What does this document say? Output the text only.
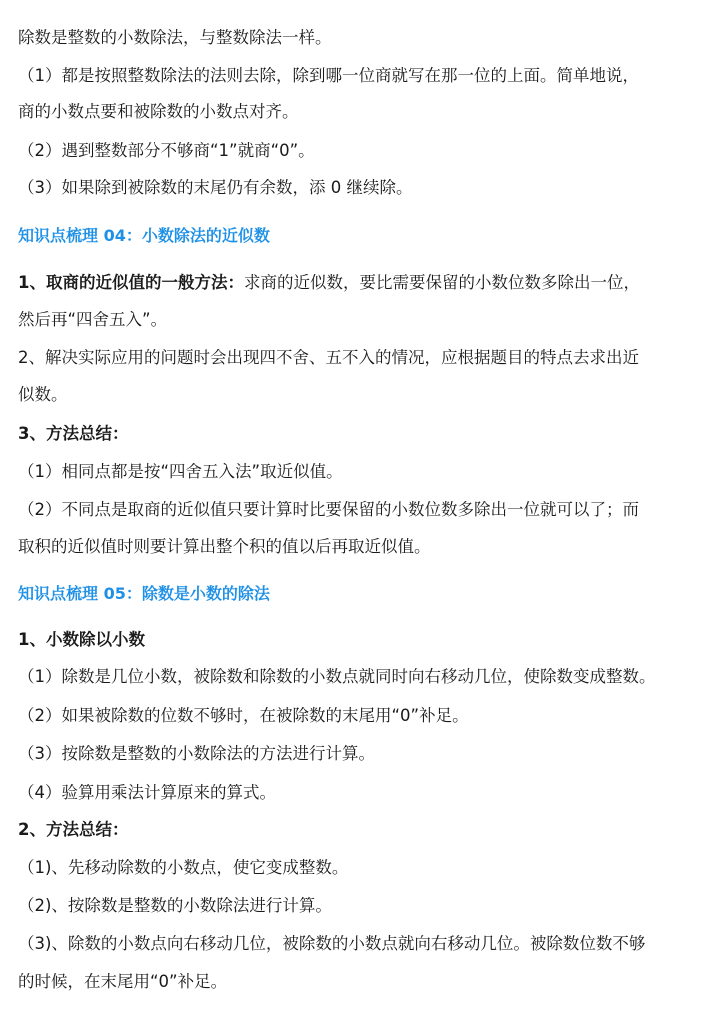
除数是整数的小数除法，与整数除法一样。
（1）都是按照整数除法的法则去除，除到哪一位商就写在那一位的上面。简单地说，
商的小数点要和被除数的小数点对齐。
（2）遇到整数部分不够商“1”就商“0”。
（3）如果除到被除数的末尾仍有余数，添 0 继续除。
知识点梳理 04：小数除法的近似数
1、取商的近似值的一般方法：求商的近似数，要比需要保留的小数位数多除出一位，
然后再“四舍五入”。
2、解决实际应用的问题时会出现四不舍、五不入的情况，应根据题目的特点去求出近
似数。
3、方法总结：
（1）相同点都是按“四舍五入法”取近似值。
（2）不同点是取商的近似值只要计算时比要保留的小数位数多除出一位就可以了；而
取积的近似值时则要计算出整个积的值以后再取近似值。
知识点梳理 05：除数是小数的除法
1、小数除以小数
（1）除数是几位小数，被除数和除数的小数点就同时向右移动几位，使除数变成整数。
（2）如果被除数的位数不够时，在被除数的末尾用“0”补足。
（3）按除数是整数的小数除法的方法进行计算。
（4）验算用乘法计算原来的算式。
2、方法总结：
（1)、先移动除数的小数点，使它变成整数。
（2)、按除数是整数的小数除法进行计算。
（3)、除数的小数点向右移动几位，被除数的小数点就向右移动几位。被除数位数不够
的时候，在末尾用“0”补足。
